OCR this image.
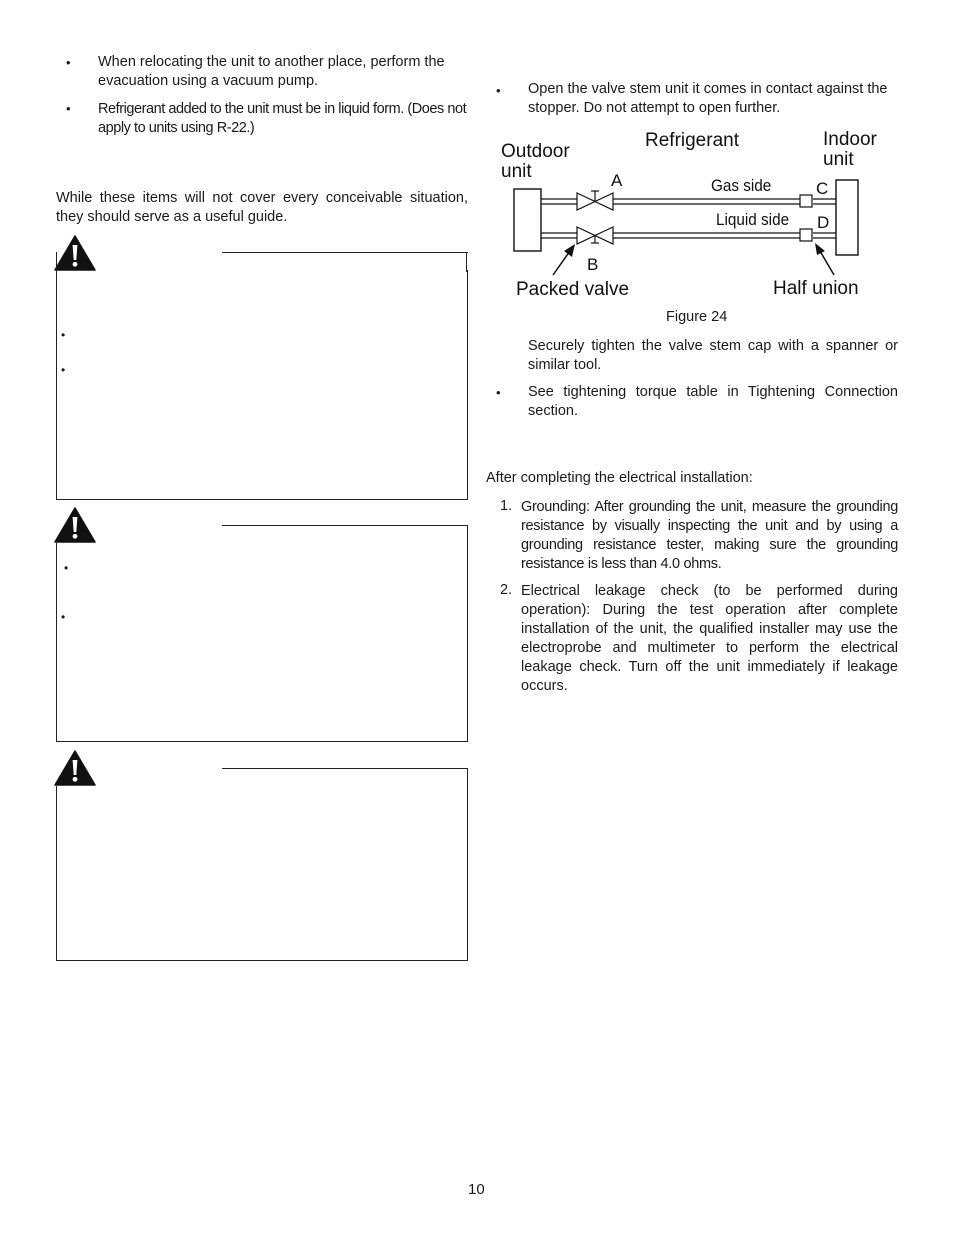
• When relocating the unit to another place, perform the evacuation using a vacuum pump.
• Refrigerant added to the unit must be in liquid form. (Does not apply to units using R-22.)
While these items will not cover every conceivable situation, they should serve as a useful guide.
•
•
•
•
• Open the valve stem unit it comes in contact against the stopper. Do not attempt to open further.
Outdoor
unit
Refrigerant	Indoor
unit
A	Gas side	C
Liquid side D
B
Packed valve	Half union
Figure 24
Securely tighten the valve stem cap with a spanner or similar tool.
• See tightening torque table in Tightening Connection section.
After completing the electrical installation:
1. Grounding: After grounding the unit, measure the grounding resistance by visually inspecting the unit and by using a grounding resistance tester, making sure the grounding resistance is less than 4.0 ohms.
2. Electrical leakage check (to be performed during operation): During the test operation after complete installation of the unit, the qualified installer may use the electroprobe and multimeter to perform the electrical leakage check. Turn off the unit immediately if leakage occurs.
10
